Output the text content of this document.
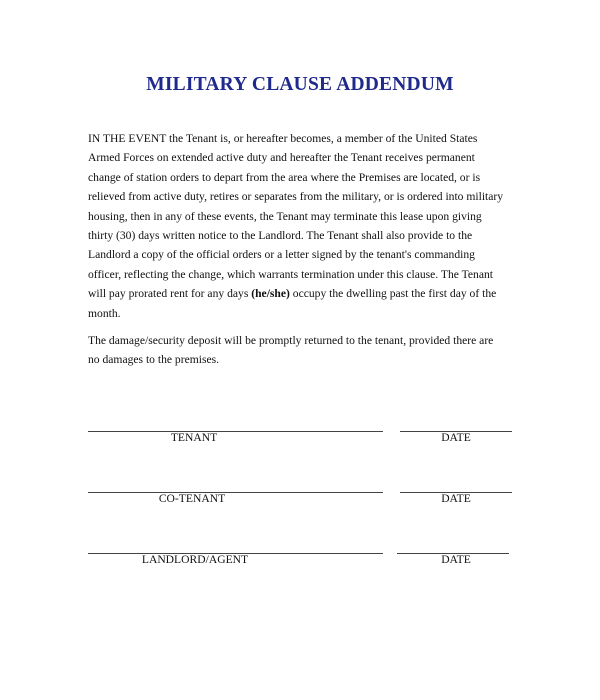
MILITARY CLAUSE ADDENDUM
IN THE EVENT the Tenant is, or hereafter becomes, a member of the United States
Armed Forces on extended active duty and hereafter the Tenant receives permanent
change of station orders to depart from the area where the Premises are located, or is
relieved from active duty, retires or separates from the military, or is ordered into military
housing, then in any of these events, the Tenant may terminate this lease upon giving
thirty (30) days written notice to the Landlord. The Tenant shall also provide to the
Landlord a copy of the official orders or a letter signed by the tenant's commanding
officer, reflecting the change, which warrants termination under this clause. The Tenant
will pay prorated rent for any days (he/she) occupy the dwelling past the first day of the
month.
The damage/security deposit will be promptly returned to the tenant, provided there are
no damages to the premises.
TENANT	DATE
CO-TENANT	DATE
LANDLORD/AGENT	DATE
